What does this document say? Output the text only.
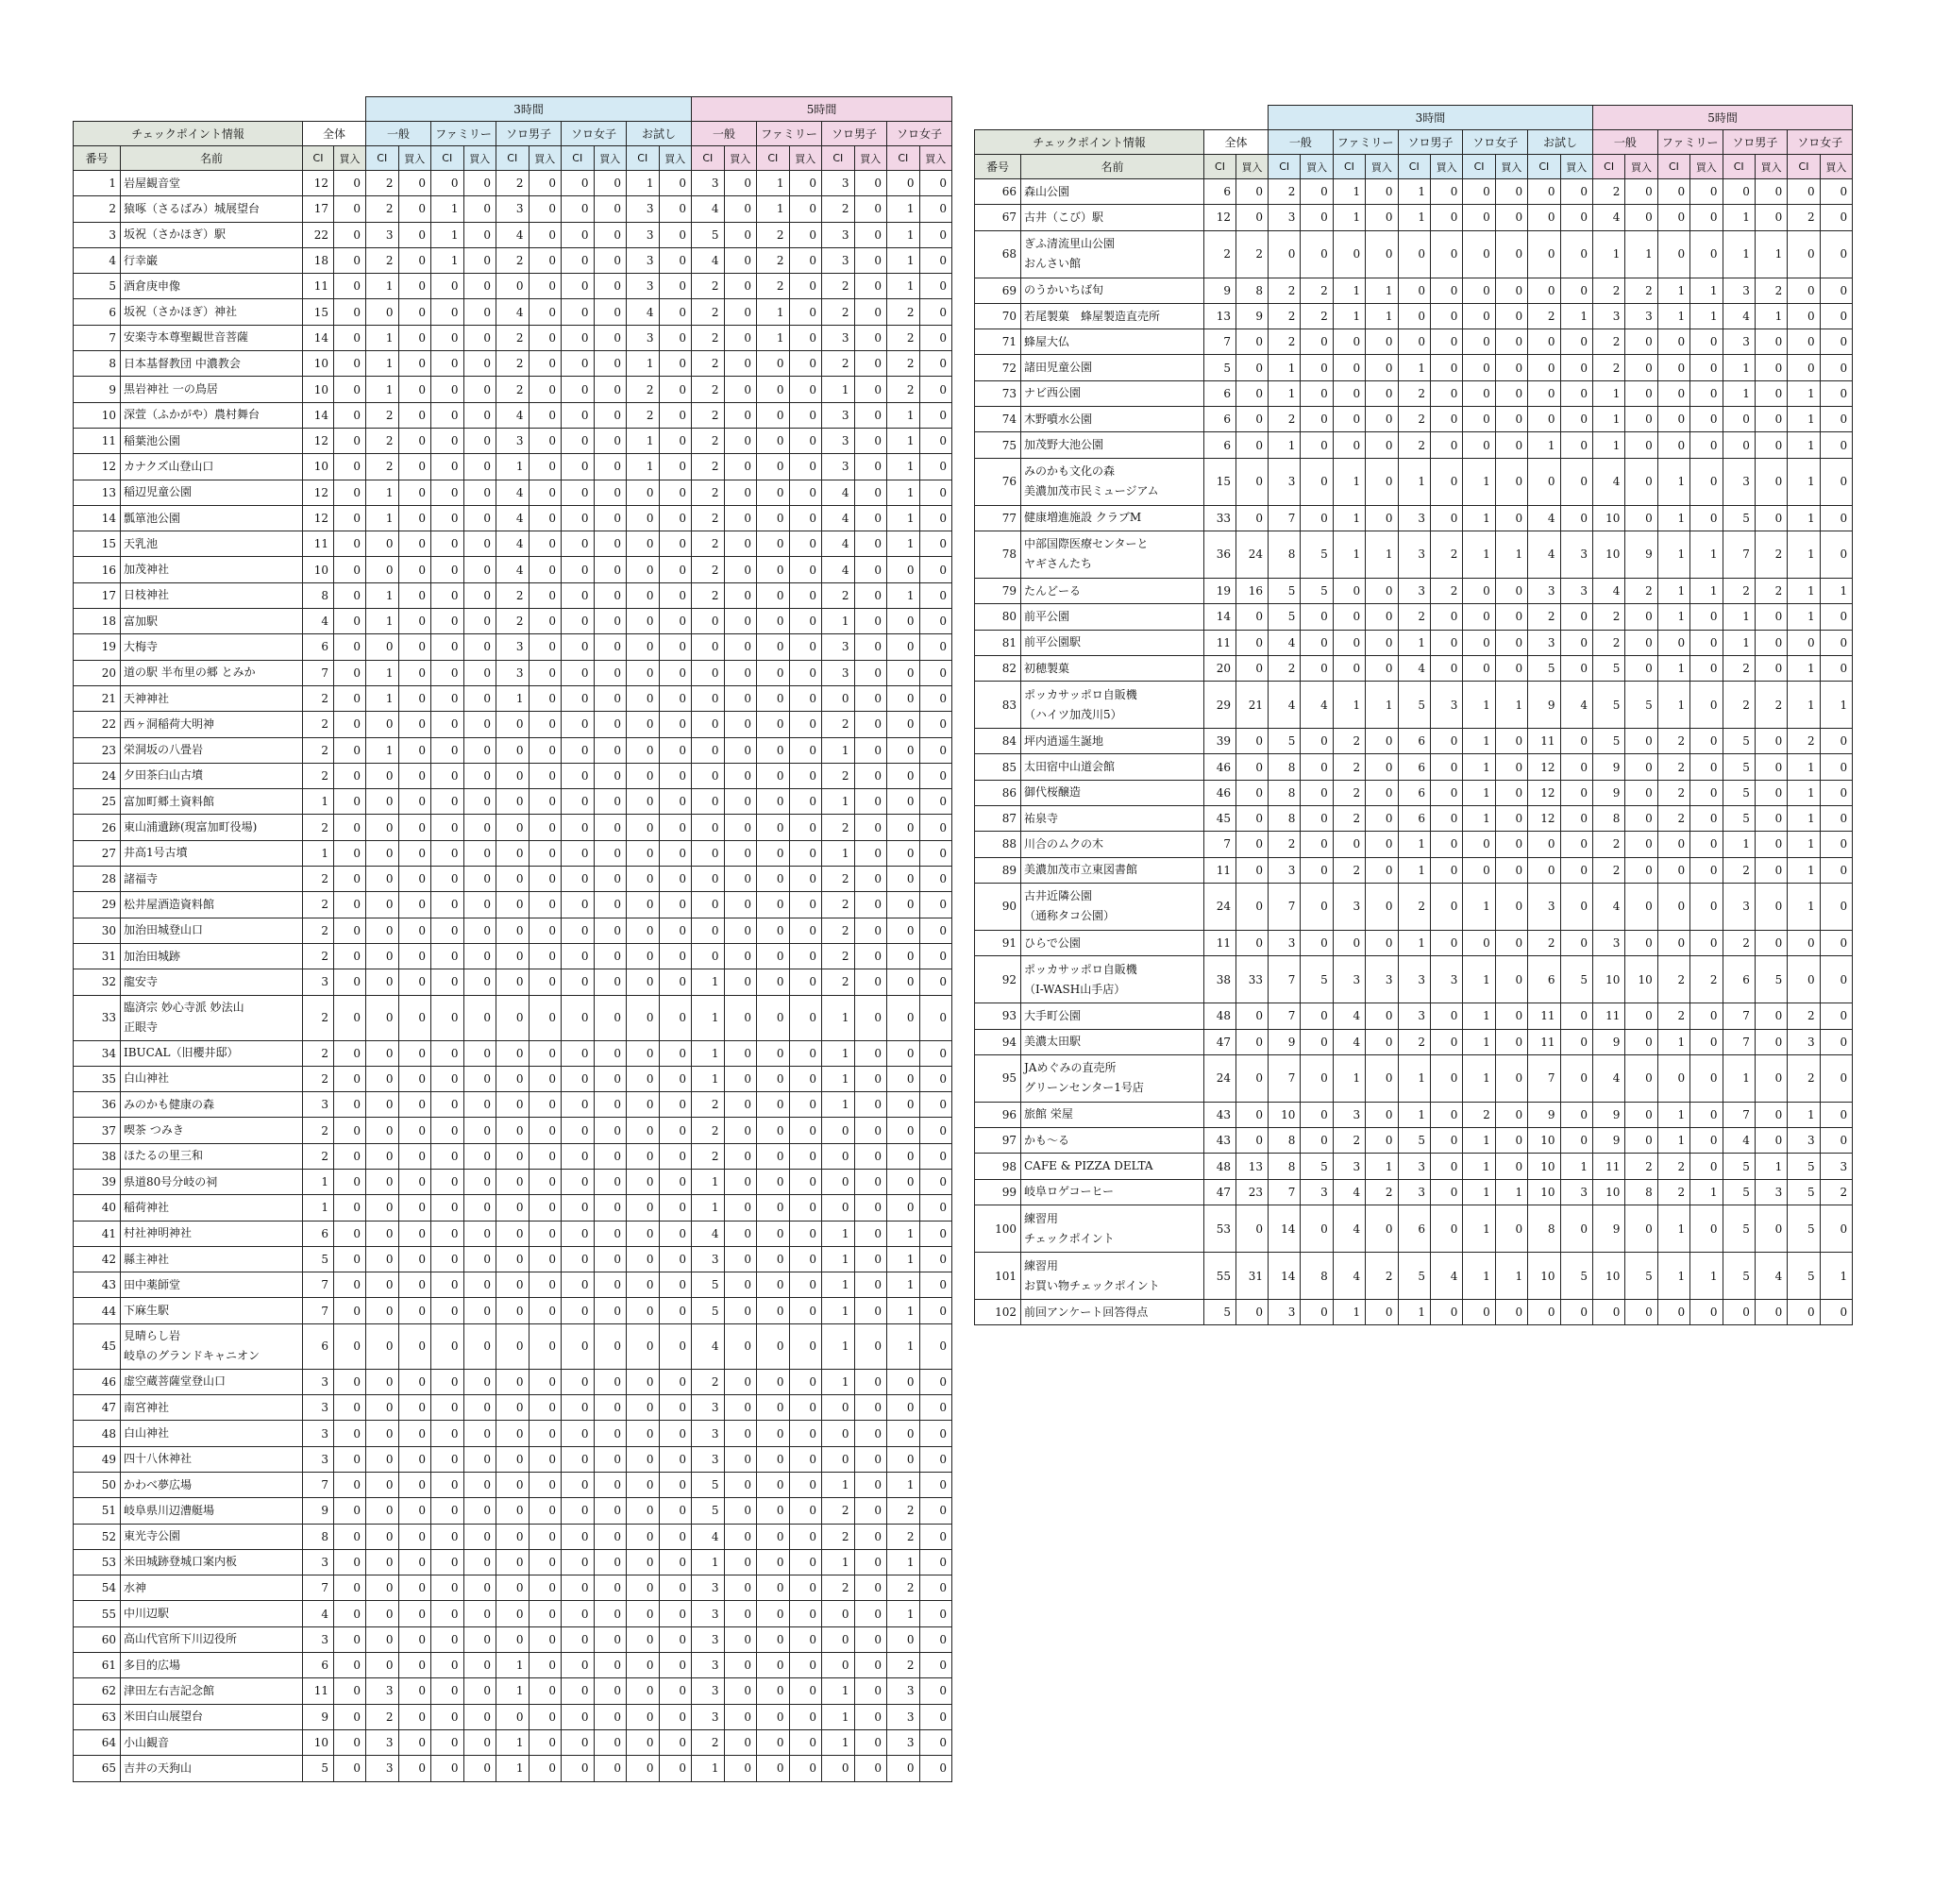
				3時間										5時間							
チェックポイント情報		全体		一般		ファミリー		ソロ男子		ソロ女子		お試し		一般		ファミリー		ソロ男子		ソロ女子	
番号	名前	CI	買入	CI	買入	CI	買入	CI	買入	CI	買入	CI	買入	CI	買入	CI	買入	CI	買入	CI	買入
1	岩屋観音堂	12	0	2	0	0	0	2	0	0	0	1	0	3	0	1	0	3	0	0	0
2	猿啄（さるばみ）城展望台	17	0	2	0	1	0	3	0	0	0	3	0	4	0	1	0	2	0	1	0
3	坂祝（さかほぎ）駅	22	0	3	0	1	0	4	0	0	0	3	0	5	0	2	0	3	0	1	0
4	行幸巌	18	0	2	0	1	0	2	0	0	0	3	0	4	0	2	0	3	0	1	0
5	酒倉庚申像	11	0	1	0	0	0	0	0	0	0	3	0	2	0	2	0	2	0	1	0
6	坂祝（さかほぎ）神社	15	0	0	0	0	0	4	0	0	0	4	0	2	0	1	0	2	0	2	0
7	安楽寺本尊聖観世音菩薩	14	0	1	0	0	0	2	0	0	0	3	0	2	0	1	0	3	0	2	0
8	日本基督教団 中濃教会	10	0	1	0	0	0	2	0	0	0	1	0	2	0	0	0	2	0	2	0
9	黒岩神社 一の鳥居	10	0	1	0	0	0	2	0	0	0	2	0	2	0	0	0	1	0	2	0
10	深萱（ふかがや）農村舞台	14	0	2	0	0	0	4	0	0	0	2	0	2	0	0	0	3	0	1	0
11	稲葉池公園	12	0	2	0	0	0	3	0	0	0	1	0	2	0	0	0	3	0	1	0
12	カナクズ山登山口	10	0	2	0	0	0	1	0	0	0	1	0	2	0	0	0	3	0	1	0
13	稲辺児童公園	12	0	1	0	0	0	4	0	0	0	0	0	2	0	0	0	4	0	1	0
14	瓢箪池公園	12	0	1	0	0	0	4	0	0	0	0	0	2	0	0	0	4	0	1	0
15	天乳池	11	0	0	0	0	0	4	0	0	0	0	0	2	0	0	0	4	0	1	0
16	加茂神社	10	0	0	0	0	0	4	0	0	0	0	0	2	0	0	0	4	0	0	0
17	日枝神社	8	0	1	0	0	0	2	0	0	0	0	0	2	0	0	0	2	0	1	0
18	富加駅	4	0	1	0	0	0	2	0	0	0	0	0	0	0	0	0	1	0	0	0
19	大梅寺	6	0	0	0	0	0	3	0	0	0	0	0	0	0	0	0	3	0	0	0
20	道の駅 半布里の郷 とみか	7	0	1	0	0	0	3	0	0	0	0	0	0	0	0	0	3	0	0	0
21	天神神社	2	0	1	0	0	0	1	0	0	0	0	0	0	0	0	0	0	0	0	0
22	西ヶ洞稲荷大明神	2	0	0	0	0	0	0	0	0	0	0	0	0	0	0	0	2	0	0	0
23	栄洞坂の八畳岩	2	0	1	0	0	0	0	0	0	0	0	0	0	0	0	0	1	0	0	0
24	夕田茶臼山古墳	2	0	0	0	0	0	0	0	0	0	0	0	0	0	0	0	2	0	0	0
25	富加町郷土資料館	1	0	0	0	0	0	0	0	0	0	0	0	0	0	0	0	1	0	0	0
26	東山浦遺跡(現富加町役場)	2	0	0	0	0	0	0	0	0	0	0	0	0	0	0	0	2	0	0	0
27	井高1号古墳	1	0	0	0	0	0	0	0	0	0	0	0	0	0	0	0	1	0	0	0
28	諸福寺	2	0	0	0	0	0	0	0	0	0	0	0	0	0	0	0	2	0	0	0
29	松井屋酒造資料館	2	0	0	0	0	0	0	0	0	0	0	0	0	0	0	0	2	0	0	0
30	加治田城登山口	2	0	0	0	0	0	0	0	0	0	0	0	0	0	0	0	2	0	0	0
31	加治田城跡	2	0	0	0	0	0	0	0	0	0	0	0	0	0	0	0	2	0	0	0
32	龍安寺	3	0	0	0	0	0	0	0	0	0	0	0	1	0	0	0	2	0	0	0
33	臨済宗 妙心寺派 妙法山
正眼寺	2	0	0	0	0	0	0	0	0	0	0	0	1	0	0	0	1	0	0	0
34	IBUCAL（旧櫻井邸）	2	0	0	0	0	0	0	0	0	0	0	0	1	0	0	0	1	0	0	0
35	白山神社	2	0	0	0	0	0	0	0	0	0	0	0	1	0	0	0	1	0	0	0
36	みのかも健康の森	3	0	0	0	0	0	0	0	0	0	0	0	2	0	0	0	1	0	0	0
37	喫茶 つみき	2	0	0	0	0	0	0	0	0	0	0	0	2	0	0	0	0	0	0	0
38	ほたるの里三和	2	0	0	0	0	0	0	0	0	0	0	0	2	0	0	0	0	0	0	0
39	県道80号分岐の祠	1	0	0	0	0	0	0	0	0	0	0	0	1	0	0	0	0	0	0	0
40	稲荷神社	1	0	0	0	0	0	0	0	0	0	0	0	1	0	0	0	0	0	0	0
41	村社神明神社	6	0	0	0	0	0	0	0	0	0	0	0	4	0	0	0	1	0	1	0
42	縣主神社	5	0	0	0	0	0	0	0	0	0	0	0	3	0	0	0	1	0	1	0
43	田中薬師堂	7	0	0	0	0	0	0	0	0	0	0	0	5	0	0	0	1	0	1	0
44	下麻生駅	7	0	0	0	0	0	0	0	0	0	0	0	5	0	0	0	1	0	1	0
45	見晴らし岩
岐阜のグランドキャニオン	6	0	0	0	0	0	0	0	0	0	0	0	4	0	0	0	1	0	1	0
46	虚空蔵菩薩堂登山口	3	0	0	0	0	0	0	0	0	0	0	0	2	0	0	0	1	0	0	0
47	南宮神社	3	0	0	0	0	0	0	0	0	0	0	0	3	0	0	0	0	0	0	0
48	白山神社	3	0	0	0	0	0	0	0	0	0	0	0	3	0	0	0	0	0	0	0
49	四十八休神社	3	0	0	0	0	0	0	0	0	0	0	0	3	0	0	0	0	0	0	0
50	かわべ夢広場	7	0	0	0	0	0	0	0	0	0	0	0	5	0	0	0	1	0	1	0
51	岐阜県川辺漕艇場	9	0	0	0	0	0	0	0	0	0	0	0	5	0	0	0	2	0	2	0
52	東光寺公園	8	0	0	0	0	0	0	0	0	0	0	0	4	0	0	0	2	0	2	0
53	米田城跡登城口案内板	3	0	0	0	0	0	0	0	0	0	0	0	1	0	0	0	1	0	1	0
54	水神	7	0	0	0	0	0	0	0	0	0	0	0	3	0	0	0	2	0	2	0
55	中川辺駅	4	0	0	0	0	0	0	0	0	0	0	0	3	0	0	0	0	0	1	0
60	高山代官所下川辺役所	3	0	0	0	0	0	0	0	0	0	0	0	3	0	0	0	0	0	0	0
61	多目的広場	6	0	0	0	0	0	1	0	0	0	0	0	3	0	0	0	0	0	2	0
62	津田左右吉記念館	11	0	3	0	0	0	1	0	0	0	0	0	3	0	0	0	1	0	3	0
63	米田白山展望台	9	0	2	0	0	0	0	0	0	0	0	0	3	0	0	0	1	0	3	0
64	小山観音	10	0	3	0	0	0	1	0	0	0	0	0	2	0	0	0	1	0	3	0
65	吉井の天狗山	5	0	3	0	0	0	1	0	0	0	0	0	1	0	0	0	0	0	0	0
				3時間										5時間							
チェックポイント情報		全体		一般		ファミリー		ソロ男子		ソロ女子		お試し		一般		ファミリー		ソロ男子		ソロ女子	
番号	名前	CI	買入	CI	買入	CI	買入	CI	買入	CI	買入	CI	買入	CI	買入	CI	買入	CI	買入	CI	買入
66	森山公園	6	0	2	0	1	0	1	0	0	0	0	0	2	0	0	0	0	0	0	0
67	古井（こび）駅	12	0	3	0	1	0	1	0	0	0	0	0	4	0	0	0	1	0	2	0
68	ぎふ清流里山公園
おんさい館	2	2	0	0	0	0	0	0	0	0	0	0	1	1	0	0	1	1	0	0
69	のうかいちば旬	9	8	2	2	1	1	0	0	0	0	0	0	2	2	1	1	3	2	0	0
70	若尾製菓　蜂屋製造直売所	13	9	2	2	1	1	0	0	0	0	2	1	3	3	1	1	4	1	0	0
71	蜂屋大仏	7	0	2	0	0	0	0	0	0	0	0	0	2	0	0	0	3	0	0	0
72	諸田児童公園	5	0	1	0	0	0	1	0	0	0	0	0	2	0	0	0	1	0	0	0
73	ナビ西公園	6	0	1	0	0	0	2	0	0	0	0	0	1	0	0	0	1	0	1	0
74	木野噴水公園	6	0	2	0	0	0	2	0	0	0	0	0	1	0	0	0	0	0	1	0
75	加茂野大池公園	6	0	1	0	0	0	2	0	0	0	1	0	1	0	0	0	0	0	1	0
76	みのかも文化の森
美濃加茂市民ミュージアム	15	0	3	0	1	0	1	0	1	0	0	0	4	0	1	0	3	0	1	0
77	健康増進施設 クラブM	33	0	7	0	1	0	3	0	1	0	4	0	10	0	1	0	5	0	1	0
78	中部国際医療センターと
ヤギさんたち	36	24	8	5	1	1	3	2	1	1	4	3	10	9	1	1	7	2	1	0
79	たんどーる	19	16	5	5	0	0	3	2	0	0	3	3	4	2	1	1	2	2	1	1
80	前平公園	14	0	5	0	0	0	2	0	0	0	2	0	2	0	1	0	1	0	1	0
81	前平公園駅	11	0	4	0	0	0	1	0	0	0	3	0	2	0	0	0	1	0	0	0
82	初穂製菓	20	0	2	0	0	0	4	0	0	0	5	0	5	0	1	0	2	0	1	0
83	ポッカサッポロ自販機
（ハイツ加茂川5）	29	21	4	4	1	1	5	3	1	1	9	4	5	5	1	0	2	2	1	1
84	坪内逍遥生誕地	39	0	5	0	2	0	6	0	1	0	11	0	5	0	2	0	5	0	2	0
85	太田宿中山道会館	46	0	8	0	2	0	6	0	1	0	12	0	9	0	2	0	5	0	1	0
86	御代桜醸造	46	0	8	0	2	0	6	0	1	0	12	0	9	0	2	0	5	0	1	0
87	祐泉寺	45	0	8	0	2	0	6	0	1	0	12	0	8	0	2	0	5	0	1	0
88	川合のムクの木	7	0	2	0	0	0	1	0	0	0	0	0	2	0	0	0	1	0	1	0
89	美濃加茂市立東図書館	11	0	3	0	2	0	1	0	0	0	0	0	2	0	0	0	2	0	1	0
90	古井近隣公園
（通称タコ公園）	24	0	7	0	3	0	2	0	1	0	3	0	4	0	0	0	3	0	1	0
91	ひらで公園	11	0	3	0	0	0	1	0	0	0	2	0	3	0	0	0	2	0	0	0
92	ポッカサッポロ自販機
（I-WASH山手店）	38	33	7	5	3	3	3	3	1	0	6	5	10	10	2	2	6	5	0	0
93	大手町公園	48	0	7	0	4	0	3	0	1	0	11	0	11	0	2	0	7	0	2	0
94	美濃太田駅	47	0	9	0	4	0	2	0	1	0	11	0	9	0	1	0	7	0	3	0
95	JAめぐみの直売所
グリーンセンター1号店	24	0	7	0	1	0	1	0	1	0	7	0	4	0	0	0	1	0	2	0
96	旅館 栄屋	43	0	10	0	3	0	1	0	2	0	9	0	9	0	1	0	7	0	1	0
97	かも～る	43	0	8	0	2	0	5	0	1	0	10	0	9	0	1	0	4	0	3	0
98	CAFE & PIZZA DELTA	48	13	8	5	3	1	3	0	1	0	10	1	11	2	2	0	5	1	5	3
99	岐阜ロゲコーヒー	47	23	7	3	4	2	3	0	1	1	10	3	10	8	2	1	5	3	5	2
100	練習用
チェックポイント	53	0	14	0	4	0	6	0	1	0	8	0	9	0	1	0	5	0	5	0
101	練習用
お買い物チェックポイント	55	31	14	8	4	2	5	4	1	1	10	5	10	5	1	1	5	4	5	1
102	前回アンケート回答得点	5	0	3	0	1	0	1	0	0	0	0	0	0	0	0	0	0	0	0	0
